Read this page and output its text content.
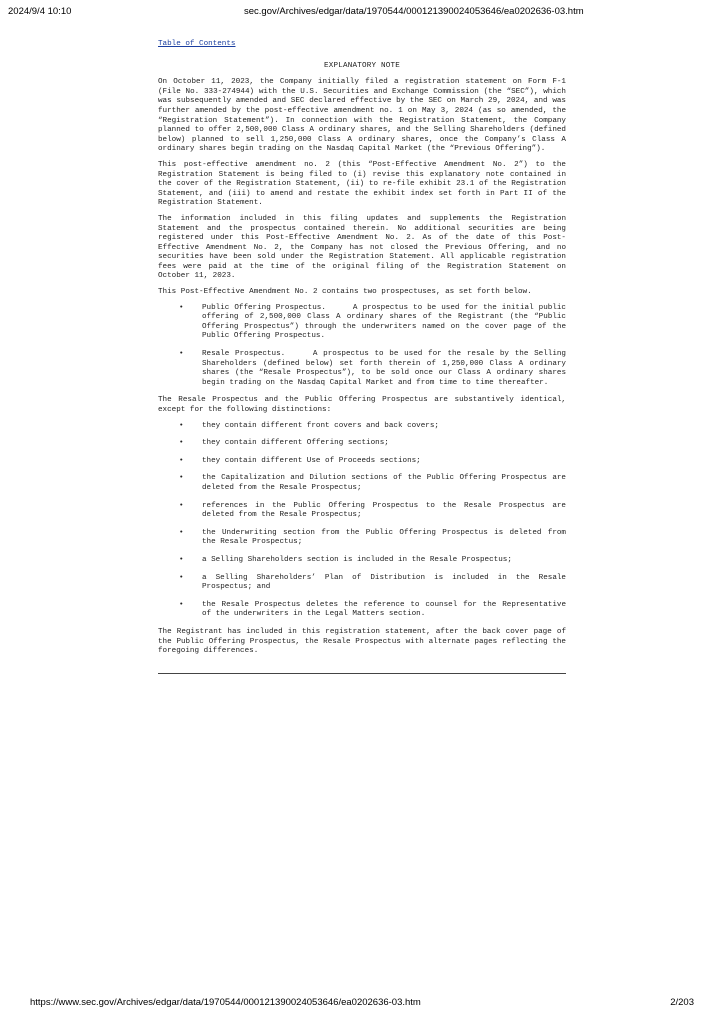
2024/9/4 10:10	sec.gov/Archives/edgar/data/1970544/000121390024053646/ea0202636-03.htm
Table of Contents
EXPLANATORY NOTE

On October 11, 2023, the Company initially filed a registration statement on Form F-1 (File No. 333-274944) with the U.S. Securities and Exchange Commission (the “SEC”), which was subsequently amended and SEC declared effective by the SEC on March 29, 2024, and was further amended by the post-effective amendment no. 1 on May 3, 2024 (as so amended, the “Registration Statement”). In connection with the Registration Statement, the Company planned to offer 2,500,000 Class A ordinary shares, and the Selling Shareholders (defined below) planned to sell 1,250,000 Class A ordinary shares, once the Company’s Class A ordinary shares begin trading on the Nasdaq Capital Market (the “Previous Offering”).

This post-effective amendment no. 2 (this “Post-Effective Amendment No. 2”) to the Registration Statement is being filed to (i) revise this explanatory note contained in the cover of the Registration Statement, (ii) to re-file exhibit 23.1 of the Registration Statement, and (iii) to amend and restate the exhibit index set forth in Part II of the Registration Statement.

The information included in this filing updates and supplements the Registration Statement and the prospectus contained therein. No additional securities are being registered under this Post-Effective Amendment No. 2. As of the date of this Post-Effective Amendment No. 2, the Company has not closed the Previous Offering, and no securities have been sold under the Registration Statement. All applicable registration fees were paid at the time of the original filing of the Registration Statement on October 11, 2023.

This Post-Effective Amendment No. 2 contains two prospectuses, as set forth below.

• Public Offering Prospectus.	A prospectus to be used for the initial public offering of 2,500,000 Class A ordinary shares of the Registrant (the “Public Offering Prospectus”) through the underwriters named on the cover page of the Public Offering Prospectus.
• Resale Prospectus.	A prospectus to be used for the resale by the Selling Shareholders (defined below) set forth therein of 1,250,000 Class A ordinary shares (the “Resale Prospectus”), to be sold once our Class A ordinary shares begin trading on the Nasdaq Capital Market and from time to time thereafter.

The Resale Prospectus and the Public Offering Prospectus are substantively identical, except for the following distinctions:

• they contain different front covers and back covers;
• they contain different Offering sections;
• they contain different Use of Proceeds sections;
• the Capitalization and Dilution sections of the Public Offering Prospectus are deleted from the Resale Prospectus;
• references in the Public Offering Prospectus to the Resale Prospectus are deleted from the Resale Prospectus;
• the Underwriting section from the Public Offering Prospectus is deleted from the Resale Prospectus;
• a Selling Shareholders section is included in the Resale Prospectus;
• a Selling Shareholders’ Plan of Distribution is included in the Resale Prospectus; and
• the Resale Prospectus deletes the reference to counsel for the Representative of the underwriters in the Legal Matters section.

The Registrant has included in this registration statement, after the back cover page of the Public Offering Prospectus, the Resale Prospectus with alternate pages reflecting the foregoing differences.

https://www.sec.gov/Archives/edgar/data/1970544/000121390024053646/ea0202636-03.htm	2/203
